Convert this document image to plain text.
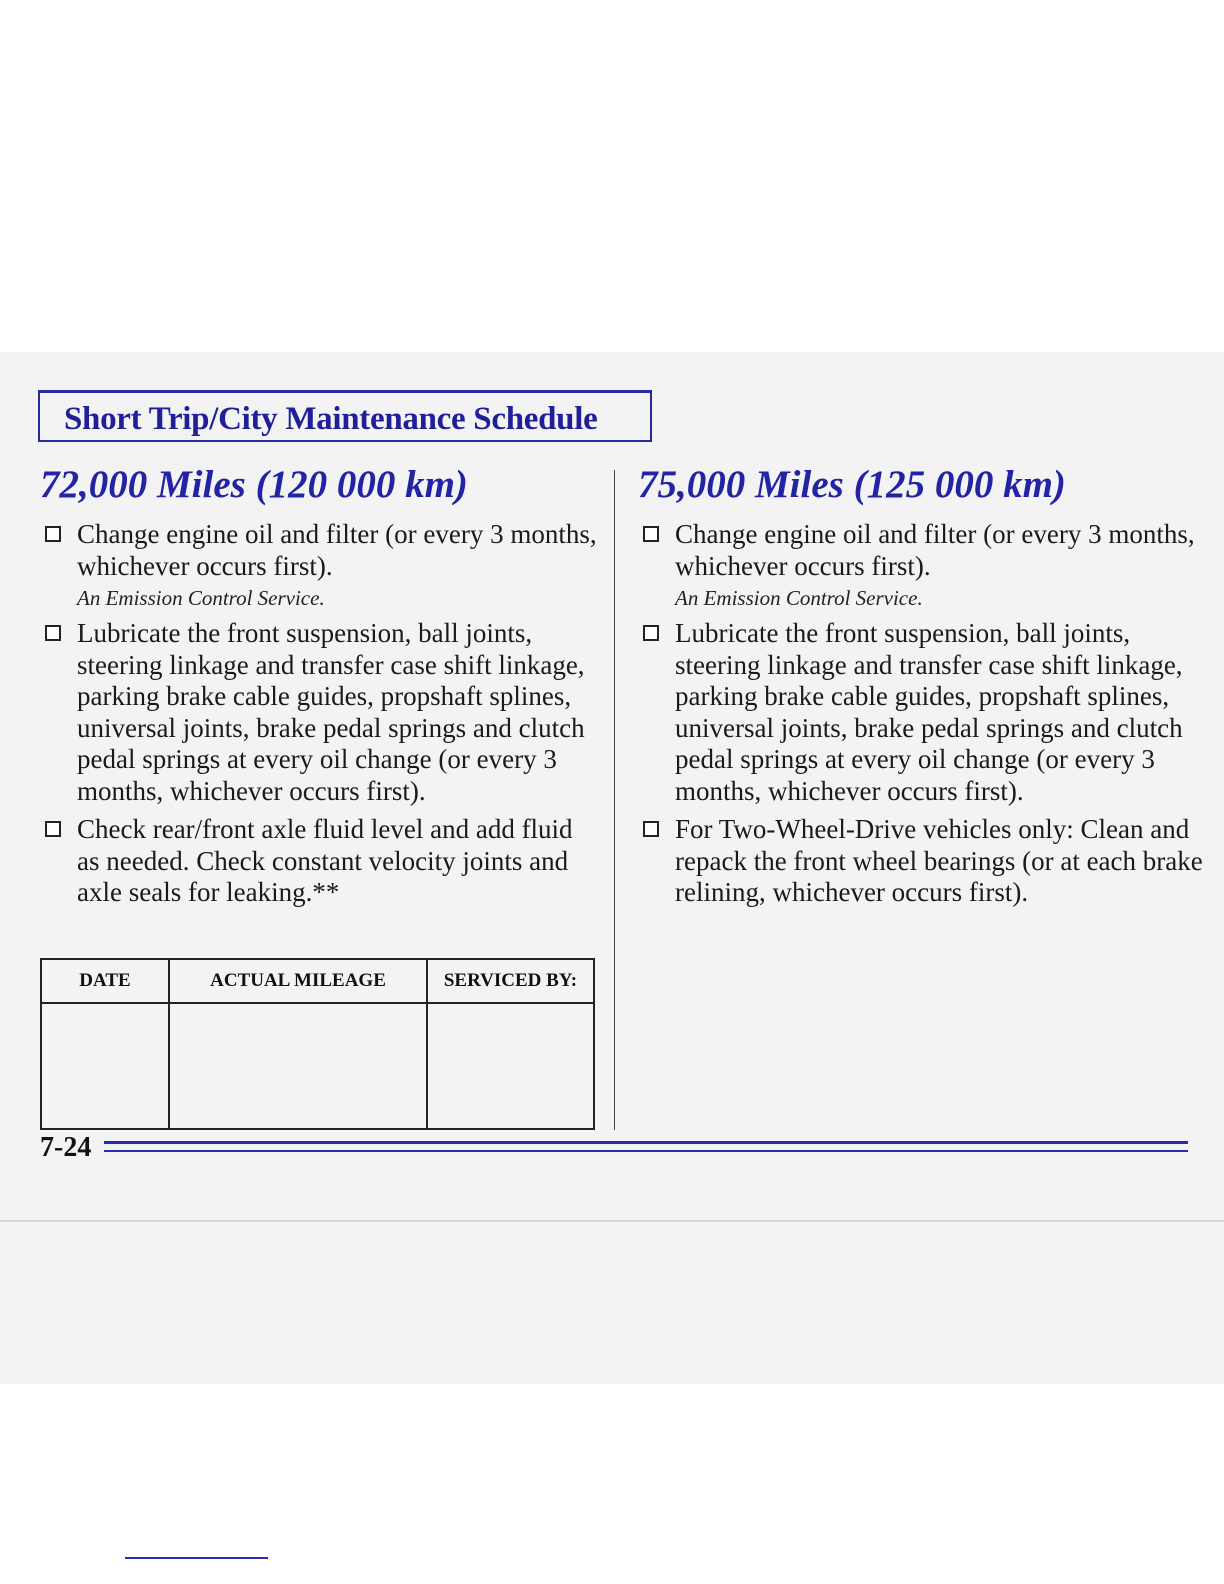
Short Trip/City Maintenance Schedule
72,000 Miles (120 000 km)
Change engine oil and filter (or every 3 months, whichever occurs first).
An Emission Control Service.
Lubricate the front suspension, ball joints, steering linkage and transfer case shift linkage, parking brake cable guides, propshaft splines, universal joints, brake pedal springs and clutch pedal springs at every oil change (or every 3 months, whichever occurs first).
Check rear/front axle fluid level and add fluid as needed. Check constant velocity joints and axle seals for leaking.**
75,000 Miles (125 000 km)
Change engine oil and filter (or every 3 months, whichever occurs first).
An Emission Control Service.
Lubricate the front suspension, ball joints, steering linkage and transfer case shift linkage, parking brake cable guides, propshaft splines, universal joints, brake pedal springs and clutch pedal springs at every oil change (or every 3 months, whichever occurs first).
For Two-Wheel-Drive vehicles only: Clean and repack the front wheel bearings (or at each brake relining, whichever occurs first).
DATE	ACTUAL MILEAGE	SERVICED BY:

7-24
